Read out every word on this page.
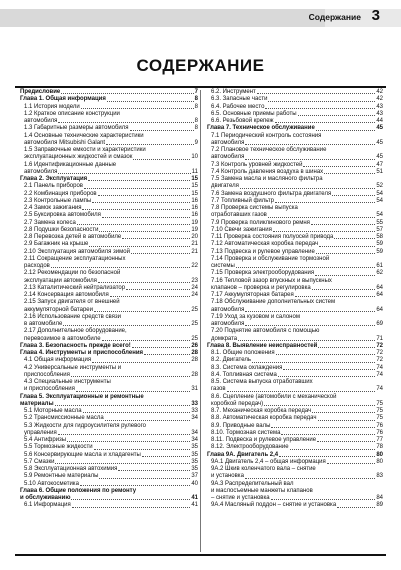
Содержание 3
СОДЕРЖАНИЕ
Предисловие	7
Глава 1. Общая информация	8
1.1 История модели	8
1.2 Краткое описание конструкции
автомобиля	8
1.3 Габаритные размеры автомобиля	8
1.4 Основные технические характеристики
автомобиля Mitsubishi Galant	9
1.5 Заправочные емкости и характеристики
эксплуатационных жидкостей и смазок	10
1.6 Идентификационные данные
автомобиля	11
Глава 2. Эксплуатация	15
2.1 Панель приборов	15
2.2 Комбинация приборов	15
2.3 Контрольные лампы	16
2.4 Замок зажигания	16
2.5 Буксировка автомобиля	16
2.7 Замена колеса	19
2.8 Подушки безопасности	19
2.8 Перевозка детей в автомобиле	20
2.9 Багажник на крыше	21
2.10 Эксплуатация автомобиля зимой	21
2.11 Сокращение эксплуатационных
расходов	22
2.12 Рекомендации по безопасной
эксплуатации автомобиля	23
2.13 Каталитический нейтрализатор	24
2.14 Консервация автомобиля	24
2.15 Запуск двигателя от внешней
аккумуляторной батареи	25
2.16 Использование средств связи
в автомобиле	25
2.17 Дополнительное оборудование,
перевозимое в автомобиле	25
Глава 3. Безопасность прежде всего!	26
Глава 4. Инструменты и приспособления	28
4.1 Общая информация	28
4.2 Универсальные инструменты и
приспособления	28
4.3 Специальные инструменты
и приспособления	31
Глава 5. Эксплуатационные и ремонтные
материалы	33
5.1 Моторные масла	33
5.2 Трансмиссионные масла	34
5.3 Жидкости для гидроусилителя рулевого
управления	34
5.4 Антифризы	34
5.5 Тормозные жидкости	35
5.6 Консервирующие масла и хладагенты	35
5.7 Смазки	35
5.8 Эксплуатационная автохимия	35
5.9 Ремонтные материалы	37
5.10 Автокосметика	40
Глава 6. Общие положения по ремонту
и обслуживанию	41
6.1 Информация	41
6.2. Инструмент	42
6.3. Запасные части	42
6.4. Рабочее место	43
6.5. Основные приемы работы	43
6.6. Резьбовой крепеж	44
Глава 7. Техническое обслуживание	45
7.1 Периодический контроль состояния
автомобиля	45
7.2 Плановое техническое обслуживание
автомобиля	45
7.3 Контроль уровней жидкостей	47
7.4 Контроль давления воздуха в шинах	51
7.5 Замена масла и масляного фильтра
двигателя	52
7.6 Замена воздушного фильтра двигателя	54
7.7 Топливный фильтр	54
7.8 Проверка системы выпуска
отработавших газов	54
7.9 Проверка поликлинового ремня	55
7.10 Свечи зажигания	57
7.11 Проверка состояния полуосей привода	58
7.12 Автоматическая коробка передач	59
7.13 Подвеска и рулевое управление	59
7.14 Проверка и обслуживание тормозной
системы	61
7.15 Проверка электрооборудования	62
7.16 Тепловой зазор впускных и выпускных
клапанов – проверка и регулировка	64
7.17 Аккумуляторная батарея	64
7.18 Обслуживание дополнительных систем
автомобиля	64
7.19 Уход за кузовом и салоном
автомобиля	69
7.20 Поднятие автомобиля с помощью
домкрата	71
Глава 8. Выявление неисправностей	72
8.1. Общие положения	72
8.2. Двигатель	72
8.3. Система охлаждения	74
8.4. Топливная система	74
8.5. Система выпуска отработавших
газов	74
8.6. Сцепление (автомобили с механической
коробкой передач)	75
8.7. Механическая коробка передач	75
8.8. Автоматическая коробка передач	75
8.9. Приводные валы	76
8.10. Тормозная система	76
8.11. Подвеска и рулевое управление	77
8.12. Электрооборудование	78
Глава 9А. Двигатель 2,4	80
9А.1 Двигатель 2,4 – общая информация	80
9А.2 Шкив коленчатого вала – снятие
и установка	83
9А.3 Распределительный вал
и маслосъемные манжеты клапанов
– снятие и установка	84
9А.4 Масляный поддон – снятие и установка	89
